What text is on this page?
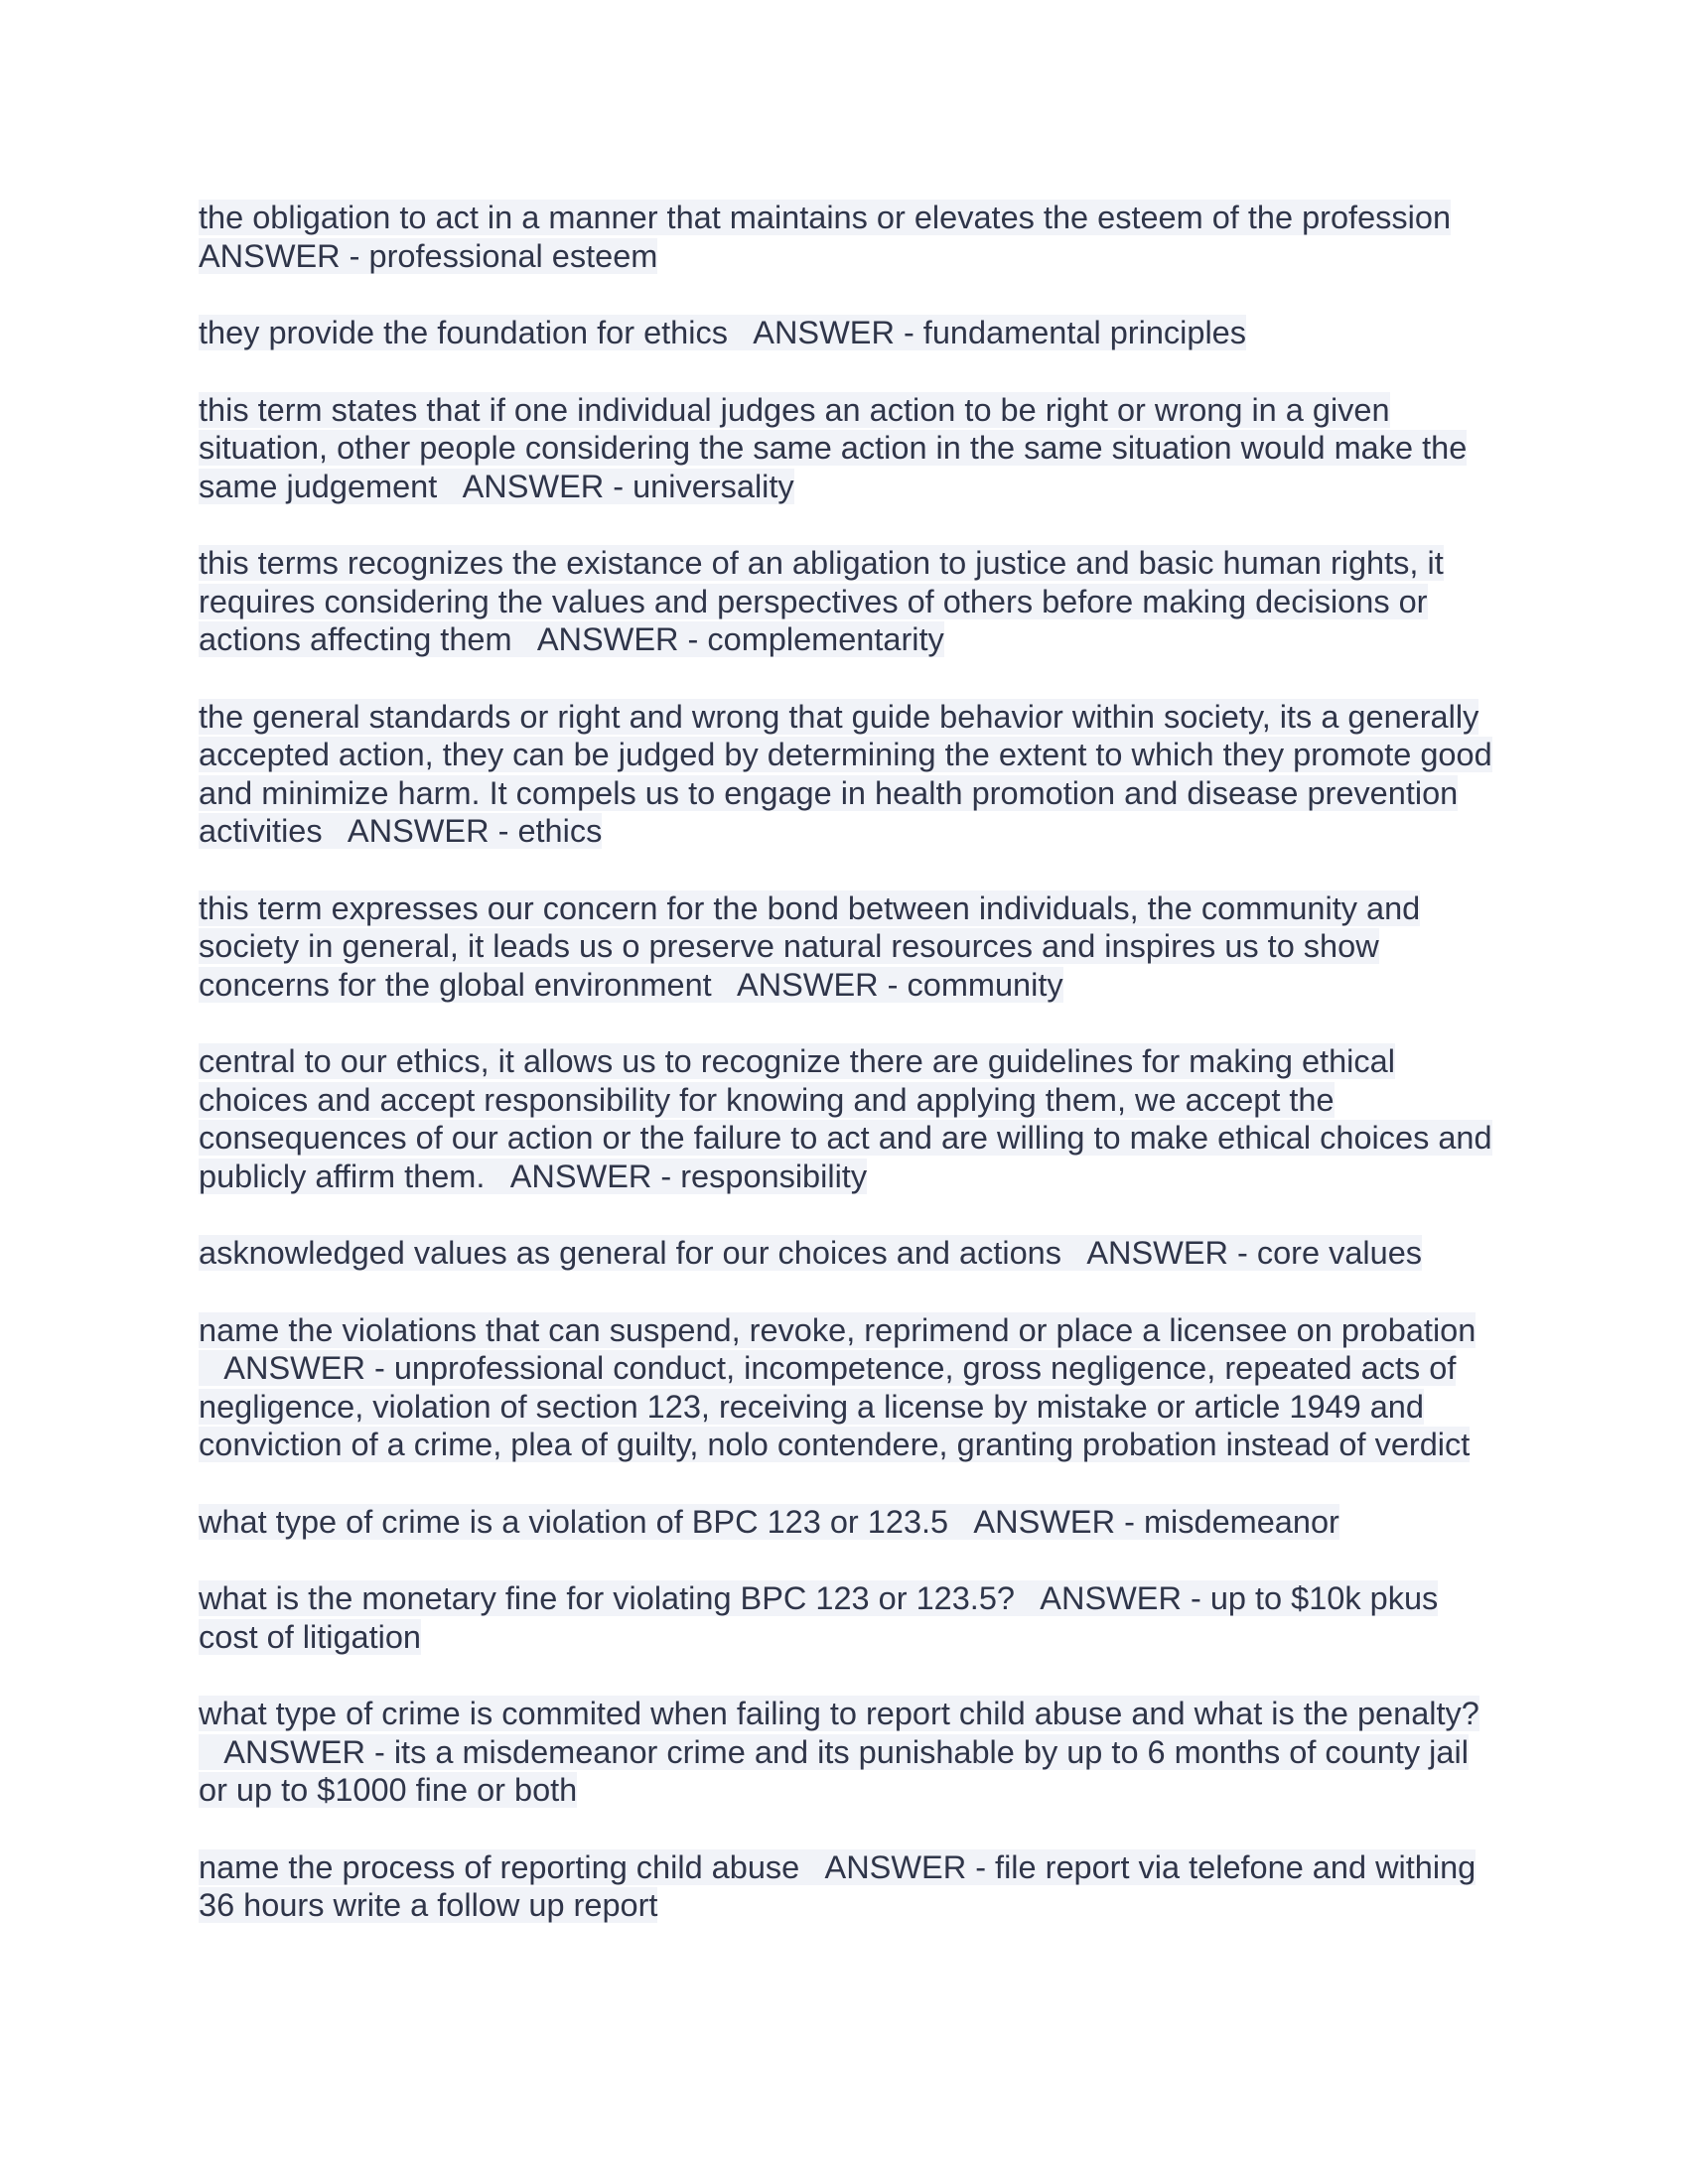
the obligation to act in a manner that maintains or elevates the esteem of the profession
ANSWER - professional esteem

they provide the foundation for ethics ANSWER - fundamental principles

this term states that if one individual judges an action to be right or wrong in a given situation, other people considering the same action in the same situation would make the same judgement ANSWER - universality

this terms recognizes the existance of an abligation to justice and basic human rights, it requires considering the values and perspectives of others before making decisions or actions affecting them ANSWER - complementarity

the general standards or right and wrong that guide behavior within society, its a generally accepted action, they can be judged by determining the extent to which they promote good and minimize harm. It compels us to engage in health promotion and disease prevention activities ANSWER - ethics

this term expresses our concern for the bond between individuals, the community and society in general, it leads us o preserve natural resources and inspires us to show concerns for the global environment ANSWER - community

central to our ethics, it allows us to recognize there are guidelines for making ethical choices and accept responsibility for knowing and applying them, we accept the consequences of our action or the failure to act and are willing to make ethical choices and publicly affirm them. ANSWER - responsibility

asknowledged values as general for our choices and actions ANSWER - core values

name the violations that can suspend, revoke, reprimend or place a licensee on probation   ANSWER - unprofessional conduct, incompetence, gross negligence, repeated acts of negligence, violation of section 123, receiving a license by mistake or article 1949 and conviction of a crime, plea of guilty, nolo contendere, granting probation instead of verdict

what type of crime is a violation of BPC 123 or 123.5 ANSWER - misdemeanor

what is the monetary fine for violating BPC 123 or 123.5? ANSWER - up to $10k pkus cost of litigation

what type of crime is commited when failing to report child abuse and what is the penalty?   ANSWER - its a misdemeanor crime and its punishable by up to 6 months of county jail or up to $1000 fine or both

name the process of reporting child abuse ANSWER - file report via telefone and withing 36 hours write a follow up report
